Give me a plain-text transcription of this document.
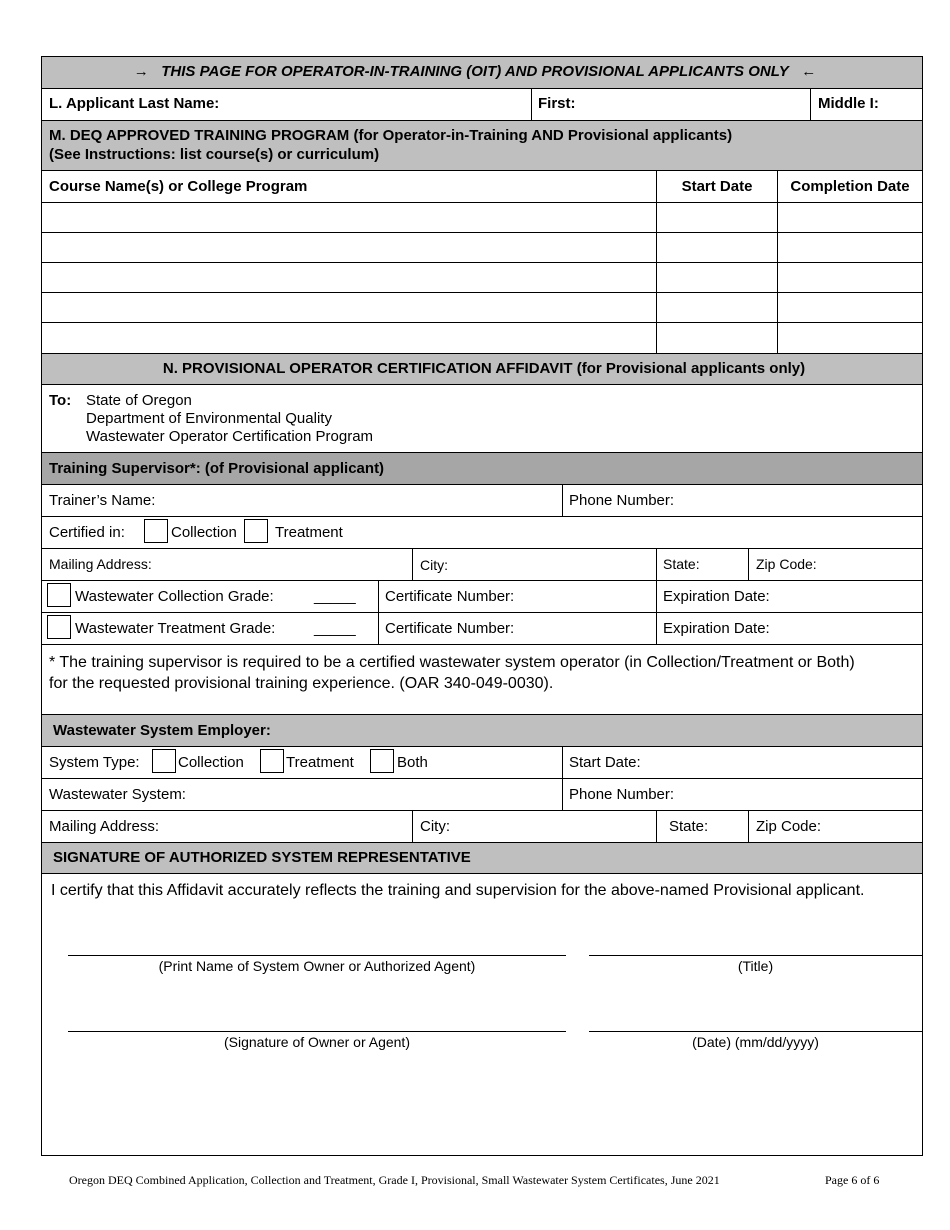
→ THIS PAGE FOR OPERATOR-IN-TRAINING (OIT) AND PROVISIONAL APPLICANTS ONLY ←
L. Applicant Last Name:	First:	Middle I:
M. DEQ APPROVED TRAINING PROGRAM (for Operator-in-Training AND Provisional applicants)
(See Instructions: list course(s) or curriculum)
Course Name(s) or College Program	Start Date	Completion Date
N. PROVISIONAL OPERATOR CERTIFICATION AFFIDAVIT (for Provisional applicants only)
To: State of Oregon
Department of Environmental Quality
Wastewater Operator Certification Program
Training Supervisor*: (of Provisional applicant)
Trainer’s Name:	Phone Number:
Certified in:	Collection	Treatment
Mailing Address:	City:	State:	Zip Code:
Wastewater Collection Grade:	_____ Certificate Number:	Expiration Date:
Wastewater Treatment Grade:	_____ Certificate Number:	Expiration Date:
* The training supervisor is required to be a certified wastewater system operator (in Collection/Treatment or Both)
for the requested provisional training experience. (OAR 340-049-0030).
Wastewater System Employer:
System Type:	Collection	Treatment	Both	Start Date:
Wastewater System:	Phone Number:
Mailing Address:	City:	State:	Zip Code:
SIGNATURE OF AUTHORIZED SYSTEM REPRESENTATIVE
I certify that this Affidavit accurately reflects the training and supervision for the above-named Provisional applicant.
(Print Name of System Owner or Authorized Agent)	(Title)
(Signature of Owner or Agent)	(Date) (mm/dd/yyyy)
Oregon DEQ Combined Application, Collection and Treatment, Grade I, Provisional, Small Wastewater System Certificates, June 2021	Page 6 of 6
